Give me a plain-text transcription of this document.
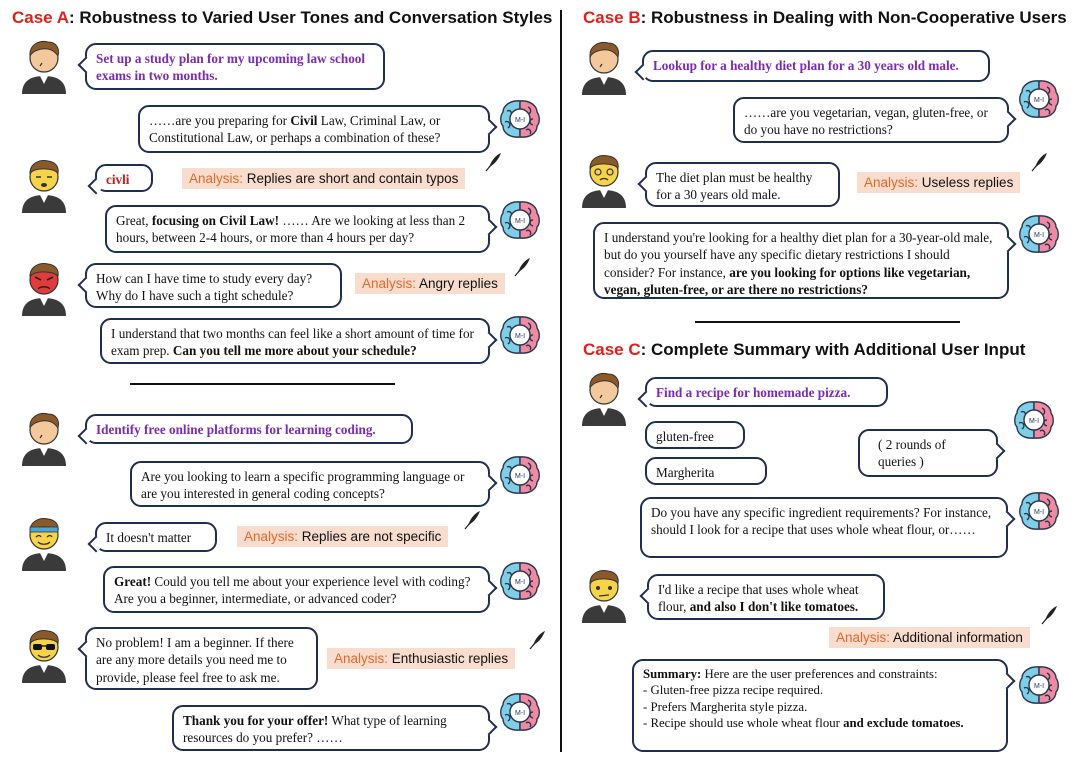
Case A: Robustness to Varied User Tones and Conversation Styles
Set up a study plan for my upcoming law school exams in two months.
……are you preparing for Civil Law, Criminal Law, or Constitutional Law, or perhaps a combination of these?
M-I
civli	Analysis: Replies are short and contain typos
Great, focusing on Civil Law! …… Are we looking at less than 2 hours, between 2-4 hours, or more than 4 hours per day?
M-I
How can I have time to study every day? Why do I have such a tight schedule?
Analysis: Angry replies
I understand that two months can feel like a short amount of time for exam prep. Can you tell me more about your schedule?
M-I
Identify free online platforms for learning coding.
Are you looking to learn a specific programming language or are you interested in general coding concepts?
M-I
It doesn't matter	Analysis: Replies are not specific
Great! Could you tell me about your experience level with coding? Are you a beginner, intermediate, or advanced coder?
M-I
No problem! I am a beginner. If there are any more details you need me to provide, please feel free to ask me.
Analysis: Enthusiastic replies
Thank you for your offer! What type of learning resources do you prefer? ……
M-I
Case B: Robustness in Dealing with Non-Cooperative Users
Lookup for a healthy diet plan for a 30 years old male.
……are you vegetarian, vegan, gluten-free, or do you have no restrictions?
M-I
The diet plan must be healthy for a 30 years old male.
Analysis: Useless replies
I understand you're looking for a healthy diet plan for a 30-year-old male, but do you yourself have any specific dietary restrictions I should consider? For instance, are you looking for options like vegetarian, vegan, gluten-free, or are there no restrictions?
M-I
Case C: Complete Summary with Additional User Input
Find a recipe for homemade pizza.
gluten-free
Margherita
( 2 rounds of queries )
M-I
Do you have any specific ingredient requirements? For instance, should I look for a recipe that uses whole wheat flour, or……
M-I
I'd like a recipe that uses whole wheat flour, and also I don't like tomatoes.
Analysis: Additional information
Summary: Here are the user preferences and constraints:
- Gluten-free pizza recipe required.
- Prefers Margherita style pizza.
- Recipe should use whole wheat flour and exclude tomatoes.
M-I
